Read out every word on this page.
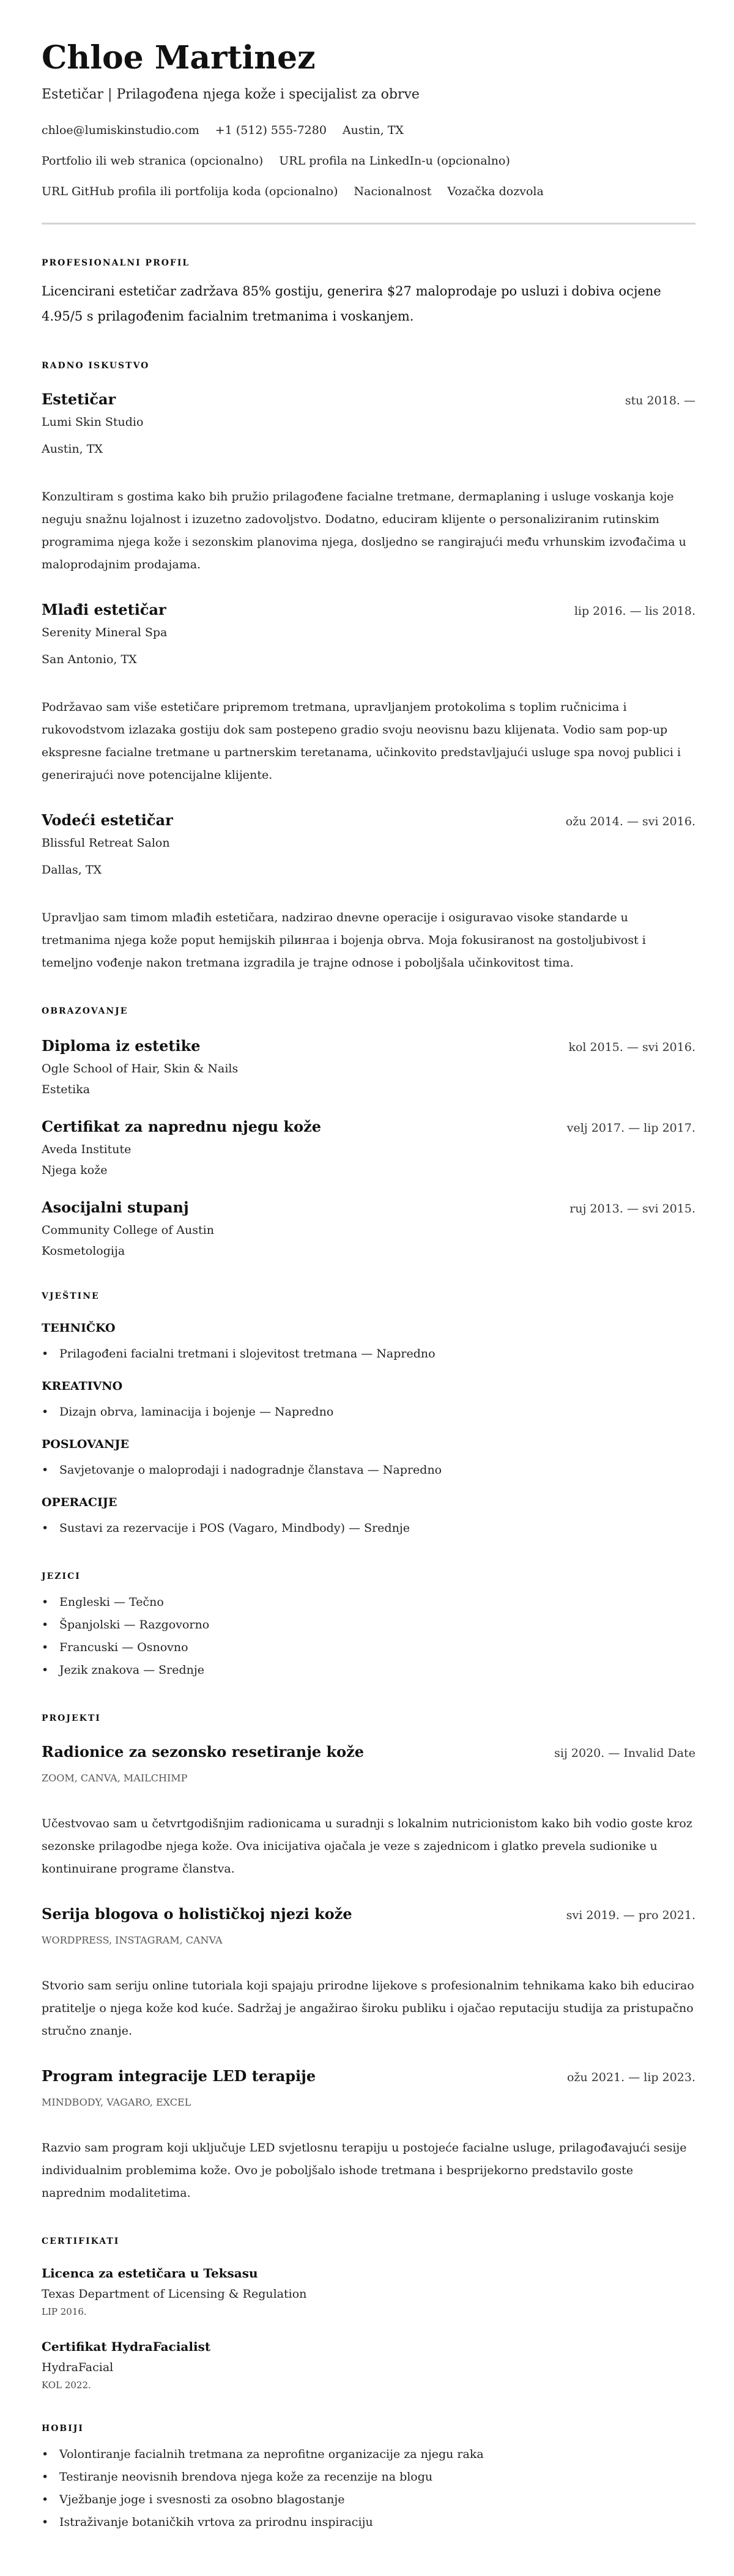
Chloe Martinez
Estetičar | Prilagođena njega kože i specijalist za obrve
chloe@lumiskinstudio.com +1 (512) 555-7280 Austin, TX
Portfolio ili web stranica (opcionalno) URL profila na LinkedIn-u (opcionalno)
URL GitHub profila ili portfolija koda (opcionalno) Nacionalnost Vozačka dozvola
PROFESIONALNI PROFIL
Licencirani estetičar zadržava 85% gostiju, generira $27 maloprodaje po usluzi i dobiva ocjene 4.95/5 s prilagođenim facialnim tretmanima i voskanjem.
RADNO ISKUSTVO
Estetičar	stu 2018. —
Lumi Skin Studio
Austin, TX
Konzultiram s gostima kako bih pružio prilagođene facialne tretmane, dermaplaning i usluge voskanja koje neguju snažnu lojalnost i izuzetno zadovoljstvo. Dodatno, educiram klijente o personaliziranim rutinskim programima njega kože i sezonskim planovima njega, dosljedno se rangirajući među vrhunskim izvođačima u maloprodajnim prodajama.
Mlađi estetičar	lip 2016. — lis 2018.
Serenity Mineral Spa
San Antonio, TX
Podržavao sam više estetičare pripremom tretmana, upravljanjem protokolima s toplim ručnicima i rukovodstvom izlazaka gostiju dok sam postepeno gradio svoju neovisnu bazu klijenata. Vodio sam pop-up ekspresne facialne tretmane u partnerskim teretanama, učinkovito predstavljajući usluge spa novoj publici i generirajući nove potencijalne klijente.
Vodeći estetičar	ožu 2014. — svi 2016.
Blissful Retreat Salon
Dallas, TX
Upravljao sam timom mlađih estetičara, nadzirao dnevne operacije i osiguravao visoke standarde u tretmanima njega kože poput hemijskih pilингaa i bojenja obrva. Moja fokusiranost na gostoljubivost i temeljno vođenje nakon tretmana izgradila je trajne odnose i poboljšala učinkovitost tima.
OBRAZOVANJE
Diploma iz estetike	kol 2015. — svi 2016.
Ogle School of Hair, Skin & Nails
Estetika
Certifikat za naprednu njegu kože	velj 2017. — lip 2017.
Aveda Institute
Njega kože
Asocijalni stupanj	ruj 2013. — svi 2015.
Community College of Austin
Kosmetologija
VJEŠTINE
TEHNIČKO
• Prilagođeni facialni tretmani i slojevitost tretmana — Napredno
KREATIVNO
• Dizajn obrva, laminacija i bojenje — Napredno
POSLOVANJE
• Savjetovanje o maloprodaji i nadogradnje članstava — Napredno
OPERACIJE
• Sustavi za rezervacije i POS (Vagaro, Mindbody) — Srednje
JEZICI
• Engleski — Tečno
• Španjolski — Razgovorno
• Francuski — Osnovno
• Jezik znakova — Srednje
PROJEKTI
Radionice za sezonsko resetiranje kože	sij 2020. — Invalid Date
ZOOM, CANVA, MAILCHIMP
Učestvovao sam u četvrtgodišnjim radionicama u suradnji s lokalnim nutricionistom kako bih vodio goste kroz sezonske prilagodbe njega kože. Ova inicijativa ojačala je veze s zajednicom i glatko prevela sudionike u kontinuirane programe članstva.
Serija blogova o holističkoj njezi kože	svi 2019. — pro 2021.
WORDPRESS, INSTAGRAM, CANVA
Stvorio sam seriju online tutoriala koji spajaju prirodne lijekove s profesionalnim tehnikama kako bih educirao pratitelje o njega kože kod kuće. Sadržaj je angažirao široku publiku i ojačao reputaciju studija za pristupačno stručno znanje.
Program integracije LED terapije	ožu 2021. — lip 2023.
MINDBODY, VAGARO, EXCEL
Razvio sam program koji uključuje LED svjetlosnu terapiju u postojeće facialne usluge, prilagođavajući sesije individualnim problemima kože. Ovo je poboljšalo ishode tretmana i besprijekorno predstavilo goste naprednim modalitetima.
CERTIFIKATI
Licenca za estetičara u Teksasu
Texas Department of Licensing & Regulation
LIP 2016.
Certifikat HydraFacialist
HydraFacial
KOL 2022.
HOBIJI
• Volontiranje facialnih tretmana za neprofitne organizacije za njegu raka
• Testiranje neovisnih brendova njega kože za recenzije na blogu
• Vježbanje joge i svesnosti za osobno blagostanje
• Istraživanje botaničkih vrtova za prirodnu inspiraciju
